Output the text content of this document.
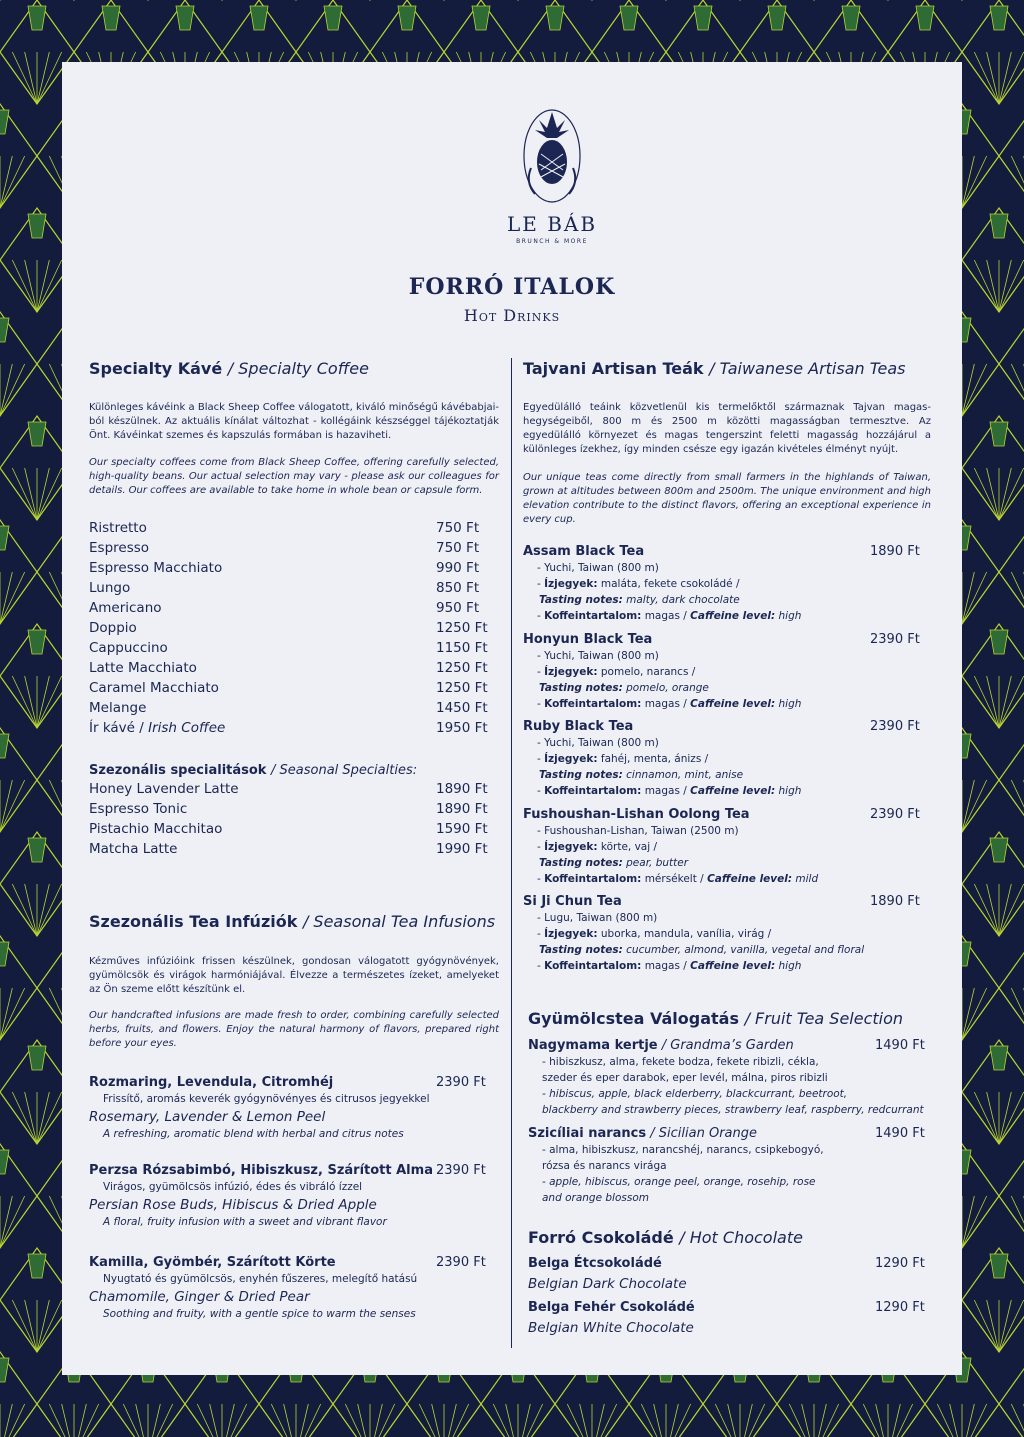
LE BÁB
BRUNCH & MORE
FORRÓ ITALOK
Hot Drinks
Specialty Kávé / Specialty Coffee
Különleges kávéink a Black Sheep Coffee válogatott, kiváló minőségű kávébabjai-ból készülnek. Az aktuális kínálat változhat - kollégáink készséggel tájékoztatják Önt. Kávéinkat szemes és kapszulás formában is hazaviheti.
Our specialty coffees come from Black Sheep Coffee, offering carefully selected, high-quality beans. Our actual selection may vary - please ask our colleagues for details. Our coffees are available to take home in whole bean or capsule form.
Ristretto	750 Ft
Espresso	750 Ft
Espresso Macchiato	990 Ft
Lungo	850 Ft
Americano	950 Ft
Doppio	1250 Ft
Cappuccino	1150 Ft
Latte Macchiato	1250 Ft
Caramel Macchiato	1250 Ft
Melange	1450 Ft
Ír kávé / Irish Coffee	1950 Ft
Szezonális specialitások / Seasonal Specialties:
Honey Lavender Latte	1890 Ft
Espresso Tonic	1890 Ft
Pistachio Macchitao	1590 Ft
Matcha Latte	1990 Ft
Szezonális Tea Infúziók / Seasonal Tea Infusions
Kézműves infúzióink frissen készülnek, gondosan válogatott gyógynövények, gyümölcsök és virágok harmóniájával. Élvezze a természetes ízeket, amelyeket az Ön szeme előtt készítünk el.
Our handcrafted infusions are made fresh to order, combining carefully selected herbs, fruits, and flowers. Enjoy the natural harmony of flavors, prepared right before your eyes.
Rozmaring, Levendula, Citromhéj	2390 Ft
Frissítő, aromás keverék gyógynövényes és citrusos jegyekkel
Rosemary, Lavender & Lemon Peel
A refreshing, aromatic blend with herbal and citrus notes
Perzsa Rózsabimbó, Hibiszkusz, Szárított Alma 2390 Ft
Virágos, gyümölcsös infúzió, édes és vibráló ízzel
Persian Rose Buds, Hibiscus & Dried Apple
A floral, fruity infusion with a sweet and vibrant flavor
Kamilla, Gyömbér, Szárított Körte	2390 Ft
Nyugtató és gyümölcsös, enyhén fűszeres, melegítő hatású
Chamomile, Ginger & Dried Pear
Soothing and fruity, with a gentle spice to warm the senses
Tajvani Artisan Teák / Taiwanese Artisan Teas
Egyedülálló teáink közvetlenül kis termelőktől származnak Tajvan magas-hegységeiből, 800 m és 2500 m közötti magasságban termesztve. Az egyedülálló környezet és magas tengerszint feletti magasság hozzájárul a különleges ízekhez, így minden csésze egy igazán kivételes élményt nyújt.
Our unique teas come directly from small farmers in the highlands of Taiwan, grown at altitudes between 800m and 2500m. The unique environment and high elevation contribute to the distinct flavors, offering an exceptional experience in every cup.
Assam Black Tea	1890 Ft
- Yuchi, Taiwan (800 m)
- Ízjegyek: maláta, fekete csokoládé /
Tasting notes: malty, dark chocolate
- Koffeintartalom: magas / Caffeine level: high
Honyun Black Tea	2390 Ft
- Yuchi, Taiwan (800 m)
- Ízjegyek: pomelo, narancs /
Tasting notes: pomelo, orange
- Koffeintartalom: magas / Caffeine level: high
Ruby Black Tea	2390 Ft
- Yuchi, Taiwan (800 m)
- Ízjegyek: fahéj, menta, ánizs /
Tasting notes: cinnamon, mint, anise
- Koffeintartalom: magas / Caffeine level: high
Fushoushan-Lishan Oolong Tea	2390 Ft
- Fushoushan-Lishan, Taiwan (2500 m)
- Ízjegyek: körte, vaj /
Tasting notes: pear, butter
- Koffeintartalom: mérsékelt / Caffeine level: mild
Si Ji Chun Tea	1890 Ft
- Lugu, Taiwan (800 m)
- Ízjegyek: uborka, mandula, vanília, virág /
Tasting notes: cucumber, almond, vanilla, vegetal and floral
- Koffeintartalom: magas / Caffeine level: high
Gyümölcstea Válogatás / Fruit Tea Selection
Nagymama kertje / Grandma’s Garden	1490 Ft
- hibiszkusz, alma, fekete bodza, fekete ribizli, cékla,
szeder és eper darabok, eper levél, málna, piros ribizli
- hibiscus, apple, black elderberry, blackcurrant, beetroot,
blackberry and strawberry pieces, strawberry leaf, raspberry, redcurrant
Szicíliai narancs / Sicilian Orange	1490 Ft
- alma, hibiszkusz, narancshéj, narancs, csipkebogyó,
rózsa és narancs virága
- apple, hibiscus, orange peel, orange, rosehip, rose
and orange blossom
Forró Csokoládé / Hot Chocolate
Belga Étcsokoládé	1290 Ft
Belgian Dark Chocolate
Belga Fehér Csokoládé	1290 Ft
Belgian White Chocolate
